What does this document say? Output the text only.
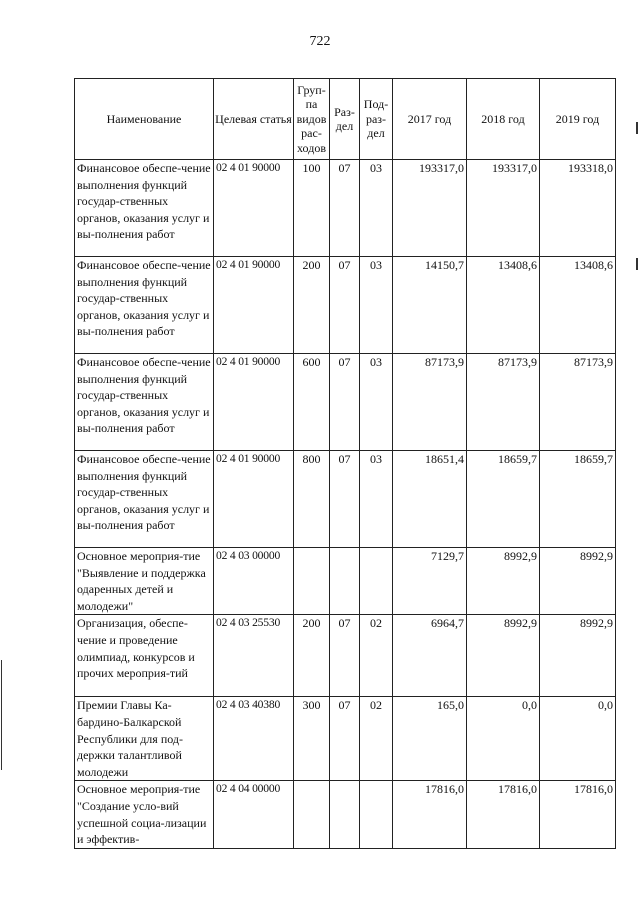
722
Наименование	Целевая статья	Груп-па видов рас-ходов	Раз-дел	Под-раз-дел	2017 год	2018 год	2019 год
Финансовое обеспе-чение выполнения функций государ-ственных органов, оказания услуг и вы-полнения работ	02 4 01 90000	100	07	03	193317,0	193317,0	193318,0
Финансовое обеспе-чение выполнения функций государ-ственных органов, оказания услуг и вы-полнения работ	02 4 01 90000	200	07	03	14150,7	13408,6	13408,6
Финансовое обеспе-чение выполнения функций государ-ственных органов, оказания услуг и вы-полнения работ	02 4 01 90000	600	07	03	87173,9	87173,9	87173,9
Финансовое обеспе-чение выполнения функций государ-ственных органов, оказания услуг и вы-полнения работ	02 4 01 90000	800	07	03	18651,4	18659,7	18659,7
Основное мероприя-тие "Выявление и поддержка одаренных детей и молодежи"	02 4 03 00000				7129,7	8992,9	8992,9
Организация, обеспе-чение и проведение олимпиад, конкурсов и прочих мероприя-тий	02 4 03 25530	200	07	02	6964,7	8992,9	8992,9
Премии Главы Ка-бардино-Балкарской Республики для под-держки талантливой молодежи	02 4 03 40380	300	07	02	165,0	0,0	0,0
Основное мероприя-тие "Создание усло-вий успешной социа-лизации и эффектив-	02 4 04 00000				17816,0	17816,0	17816,0
